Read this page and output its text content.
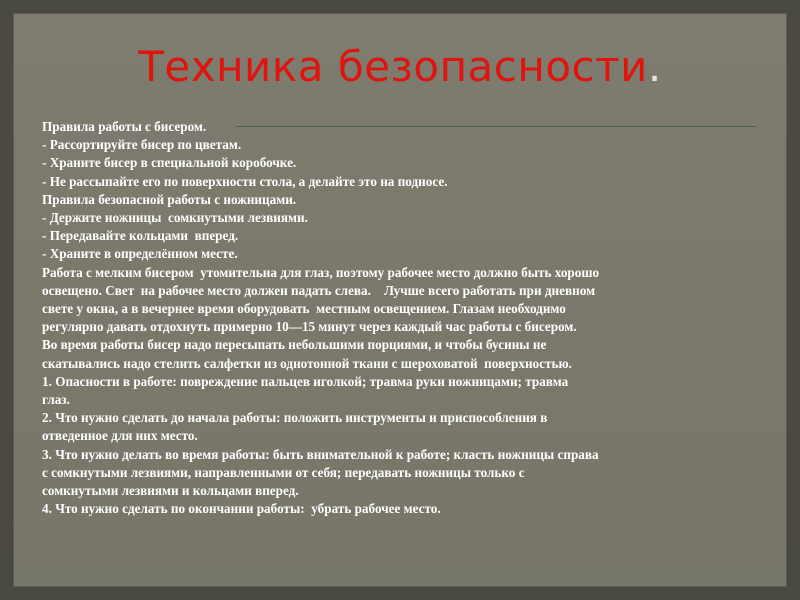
Техника безопасности.

Правила работы с бисером.

- Рассортируйте бисер по цветам.

- Храните бисер в специальной коробочке.

- Не рассыпайте его по поверхности стола, а делайте это на подносе.

Правила безопасной работы с ножницами.

- Держите ножницы  сомкнутыми лезвиями.

- Передавайте кольцами  вперед.

- Храните в определённом месте.

Работа с мелким бисером  утомительна для глаз, поэтому рабочее место должно быть хорошо

освещено. Свет  на рабочее место должен падать слева.    Лучше всего работать при дневном

свете у окна, а в вечернее время оборудовать  местным освещением. Глазам необходимо

регулярно давать отдохнуть примерно 10—15 минут через каждый час работы с бисером.

Во время работы бисер надо пересыпать небольшими порциями, и чтобы бусины не

скатывались надо стелить салфетки из однотонной ткани с шероховатой  поверхностью.

1. Опасности в работе: повреждение пальцев иголкой; травма руки ножницами; травма

глаз.

2. Что нужно сделать до начала работы: положить инструменты и приспособления в

отведенное для них место.

3. Что нужно делать во время работы: быть внимательной к работе; класть ножницы справа

с сомкнутыми лезвиями, направленными от себя; передавать ножницы только с

сомкнутыми лезвиями и кольцами вперед.

4. Что нужно сделать по окончании работы:  убрать рабочее место.
